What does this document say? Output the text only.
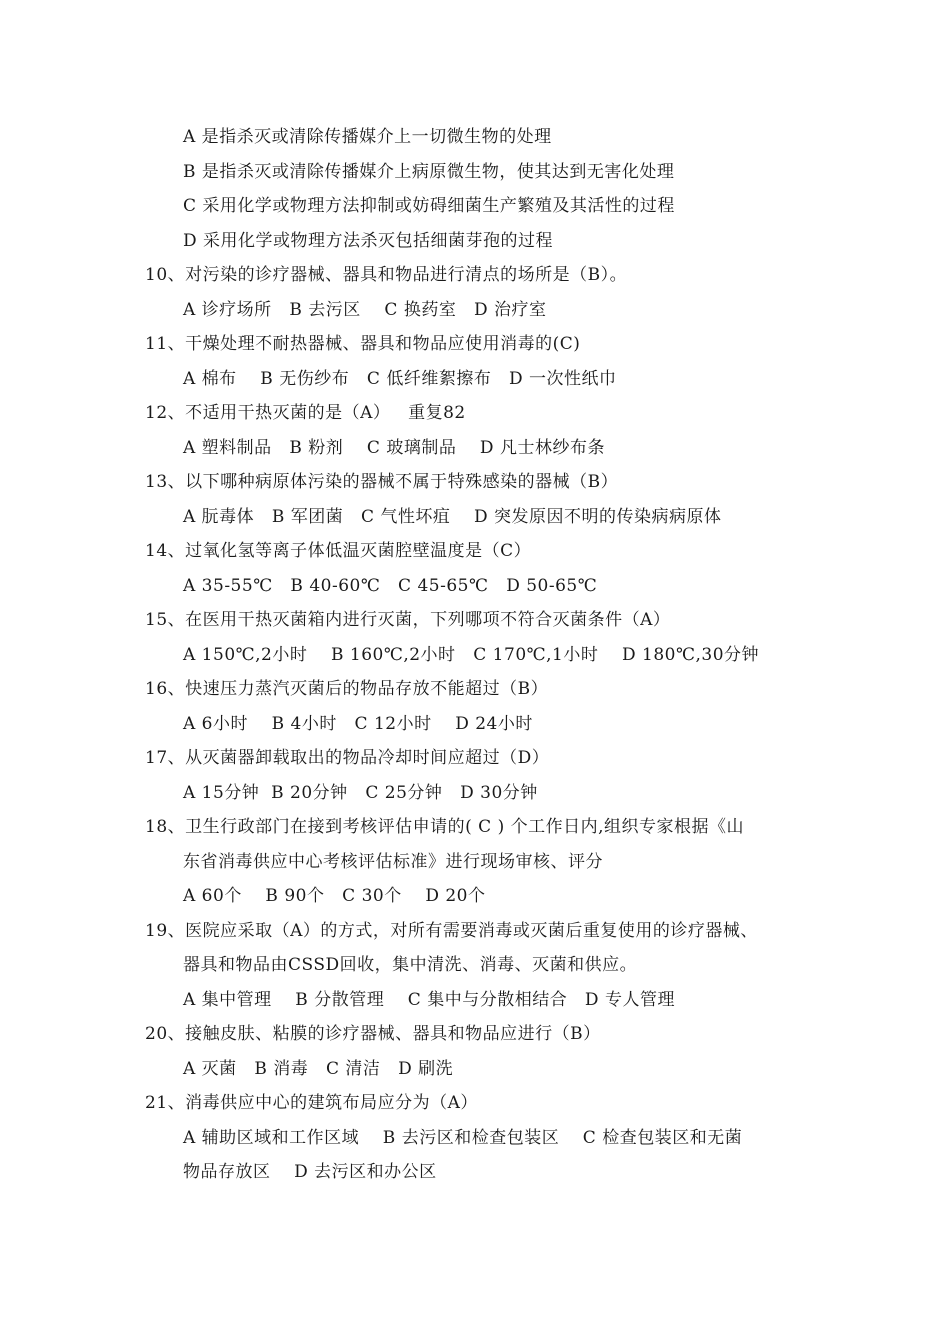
A 是指杀灭或清除传播媒介上一切微生物的处理
B 是指杀灭或清除传播媒介上病原微生物，使其达到无害化处理
C 采用化学或物理方法抑制或妨碍细菌生产繁殖及其活性的过程
D 采用化学或物理方法杀灭包括细菌芽孢的过程
10、对污染的诊疗器械、器具和物品进行清点的场所是（B）。
A 诊疗场所   B 去污区    C 换药室   D 治疗室
11、干燥处理不耐热器械、器具和物品应使用消毒的(C)
A 棉布    B 无伤纱布   C 低纤维絮擦布   D 一次性纸巾
12、不适用干热灭菌的是（A）   重复82
A 塑料制品   B 粉剂    C 玻璃制品    D 凡士林纱布条
13、以下哪种病原体污染的器械不属于特殊感染的器械（B）
A 朊毒体   B 军团菌   C 气性坏疽    D 突发原因不明的传染病病原体
14、过氧化氢等离子体低温灭菌腔壁温度是（C）
A 35-55℃   B 40-60℃   C 45-65℃   D 50-65℃
15、在医用干热灭菌箱内进行灭菌，下列哪项不符合灭菌条件（A）
A 150℃,2小时    B 160℃,2小时   C 170℃,1小时    D 180℃,30分钟
16、快速压力蒸汽灭菌后的物品存放不能超过（B）
A 6小时    B 4小时   C 12小时    D 24小时
17、从灭菌器卸载取出的物品冷却时间应超过（D）
A 15分钟  B 20分钟   C 25分钟   D 30分钟
18、卫生行政部门在接到考核评估申请的( C ) 个工作日内,组织专家根据《山
东省消毒供应中心考核评估标准》进行现场审核、评分
A 60个    B 90个   C 30个    D 20个
19、医院应采取（A）的方式，对所有需要消毒或灭菌后重复使用的诊疗器械、
器具和物品由CSSD回收，集中清洗、消毒、灭菌和供应。
A 集中管理    B 分散管理    C 集中与分散相结合   D 专人管理
20、接触皮肤、粘膜的诊疗器械、器具和物品应进行（B）
A 灭菌   B 消毒   C 清洁   D 刷洗
21、消毒供应中心的建筑布局应分为（A）
A 辅助区域和工作区域    B 去污区和检查包装区    C 检查包装区和无菌
物品存放区    D 去污区和办公区
